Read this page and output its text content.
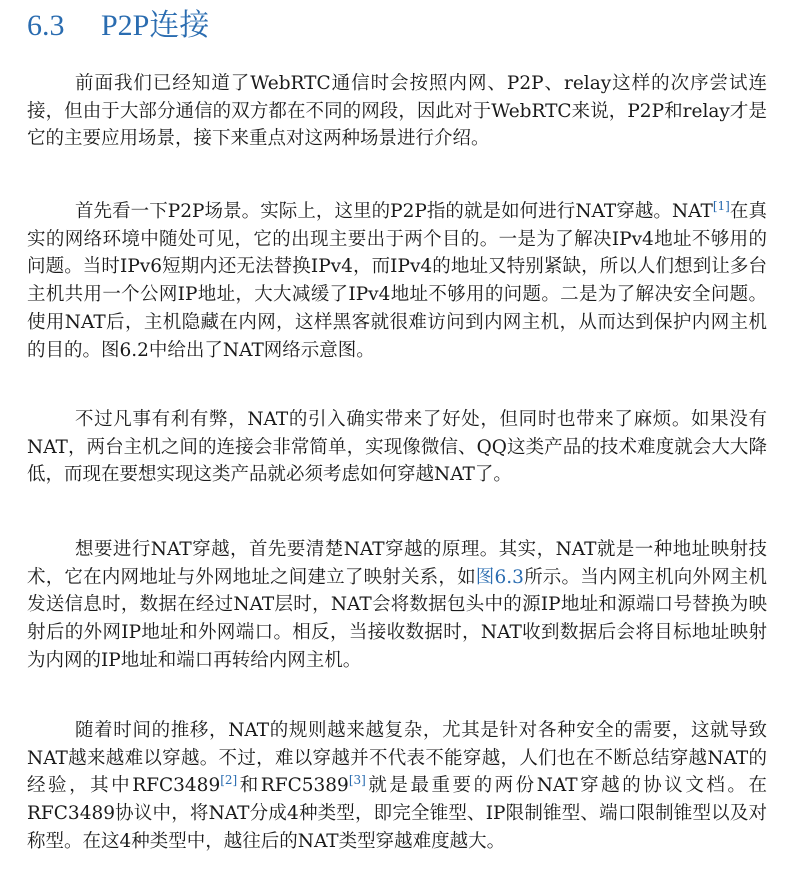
6.3 P2P连接

前面我们已经知道了WebRTC通信时会按照内网、P2P、relay这样的次序尝试连接，但由于大部分通信的双方都在不同的网段，因此对于WebRTC来说，P2P和relay才是它的主要应用场景，接下来重点对这两种场景进行介绍。

首先看一下P2P场景。实际上，这里的P2P指的就是如何进行NAT穿越。NAT[1]在真实的网络环境中随处可见，它的出现主要出于两个目的。一是为了解决IPv4地址不够用的问题。当时IPv6短期内还无法替换IPv4，而IPv4的地址又特别紧缺，所以人们想到让多台主机共用一个公网IP地址，大大减缓了IPv4地址不够用的问题。二是为了解决安全问题。使用NAT后，主机隐藏在内网，这样黑客就很难访问到内网主机，从而达到保护内网主机的目的。图6.2中给出了NAT网络示意图。

不过凡事有利有弊，NAT的引入确实带来了好处，但同时也带来了麻烦。如果没有NAT，两台主机之间的连接会非常简单，实现像微信、QQ这类产品的技术难度就会大大降低，而现在要想实现这类产品就必须考虑如何穿越NAT了。

想要进行NAT穿越，首先要清楚NAT穿越的原理。其实，NAT就是一种地址映射技术，它在内网地址与外网地址之间建立了映射关系，如图6.3所示。当内网主机向外网主机发送信息时，数据在经过NAT层时，NAT会将数据包头中的源IP地址和源端口号替换为映射后的外网IP地址和外网端口。相反，当接收数据时，NAT收到数据后会将目标地址映射为内网的IP地址和端口再转给内网主机。

随着时间的推移，NAT的规则越来越复杂，尤其是针对各种安全的需要，这就导致NAT越来越难以穿越。不过，难以穿越并不代表不能穿越，人们也在不断总结穿越NAT的经验，其中RFC3489[2]和RFC5389[3]就是最重要的两份NAT穿越的协议文档。在RFC3489协议中，将NAT分成4种类型，即完全锥型、IP限制锥型、端口限制锥型以及对称型。在这4种类型中，越往后的NAT类型穿越难度越大。
